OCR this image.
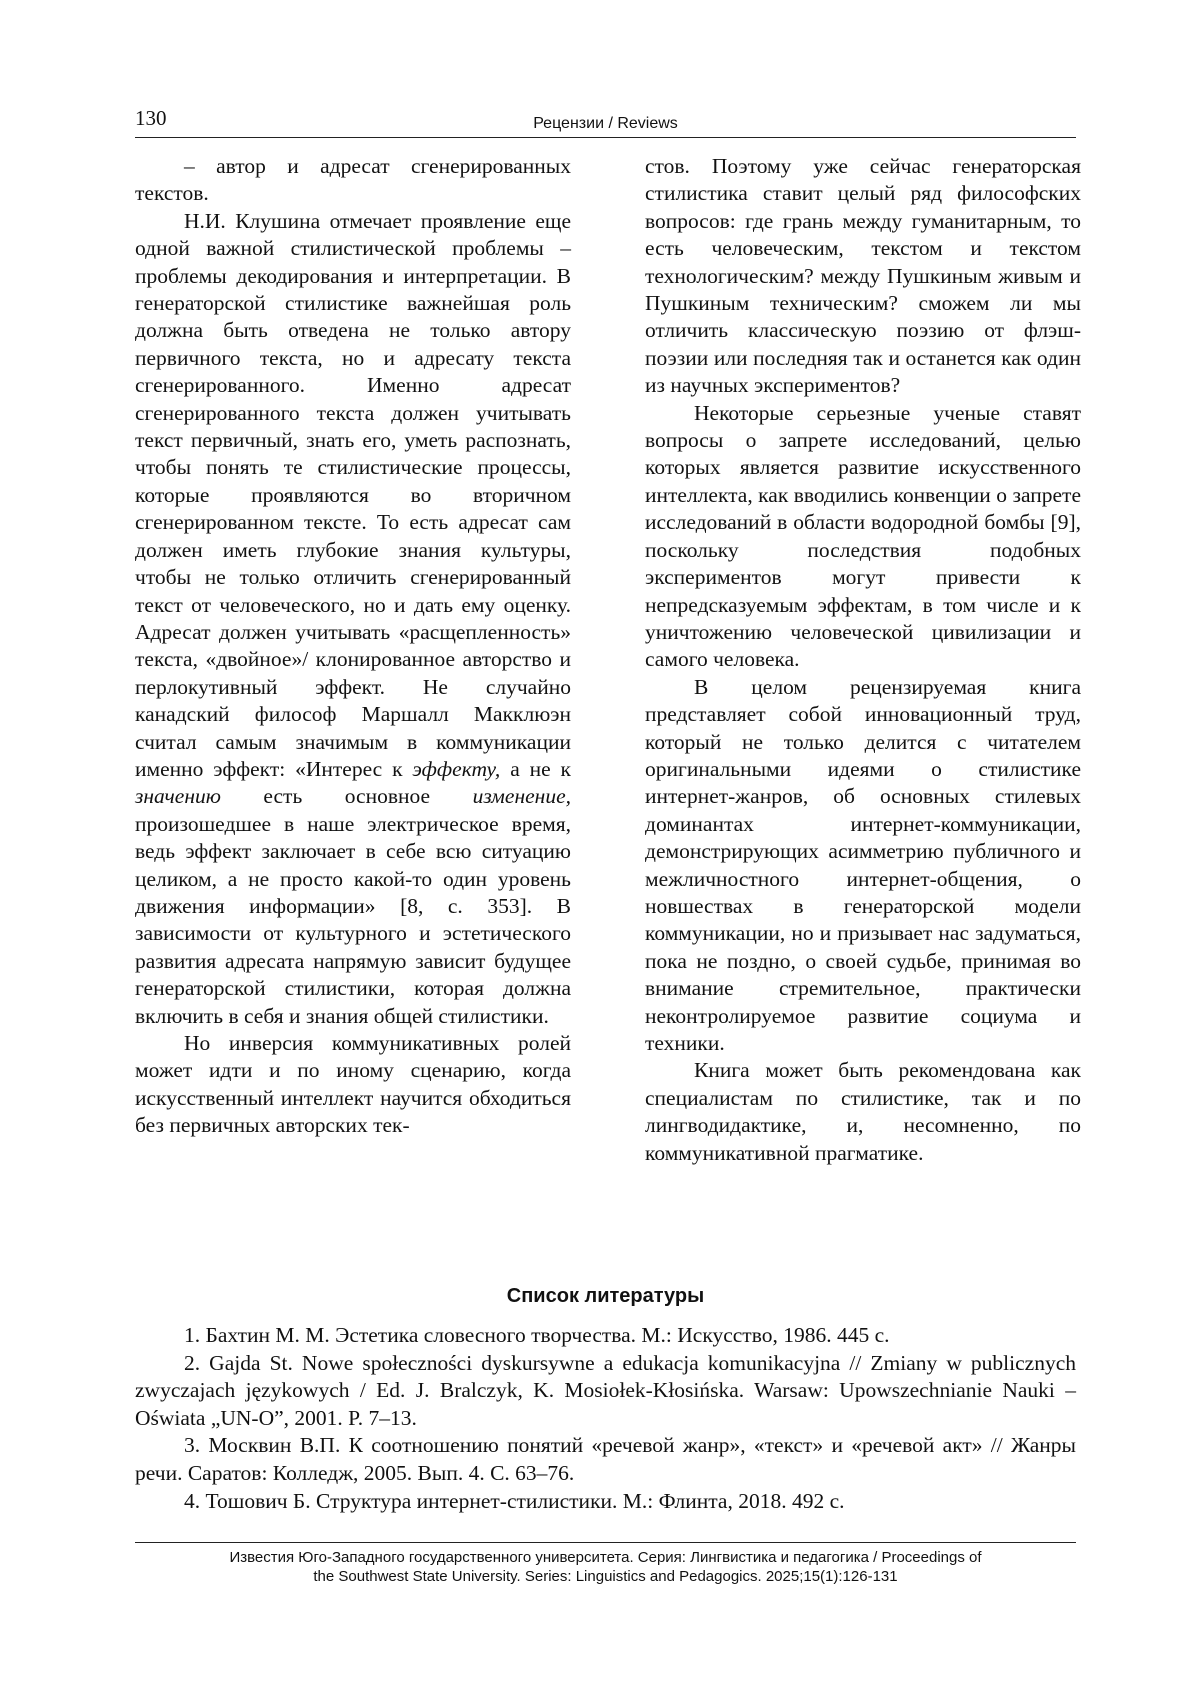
130	Рецензии / Reviews

– автор и адресат сгенерированных текстов.

Н.И. Клушина отмечает проявление еще одной важной стилистической проблемы – проблемы декодирования и интерпретации. В генераторской стилистике важнейшая роль должна быть отведена не только автору первичного текста, но и адресату текста сгенерированного. Именно адресат сгенерированного текста должен учитывать текст первичный, знать его, уметь распознать, чтобы понять те стилистические процессы, которые проявляются во вторичном сгенерированном тексте. То есть адресат сам должен иметь глубокие знания культуры, чтобы не только отличить сгенерированный текст от человеческого, но и дать ему оценку. Адресат должен учитывать «расщепленность» текста, «двойное»/ клонированное авторство и перлокутивный эффект. Не случайно канадский философ Маршалл Макклюэн считал самым значимым в коммуникации именно эффект: «Интерес к эффекту, а не к значению есть основное изменение, произошедшее в наше электрическое время, ведь эффект заключает в себе всю ситуацию целиком, а не просто какой-то один уровень движения информации» [8, с. 353]. В зависимости от культурного и эстетического развития адресата напрямую зависит будущее генераторской стилистики, которая должна включить в себя и знания общей стилистики.

Но инверсия коммуникативных ролей может идти и по иному сценарию, когда искусственный интеллект научится обходиться без первичных авторских тек-

стов. Поэтому уже сейчас генераторская стилистика ставит целый ряд философских вопросов: где грань между гуманитарным, то есть человеческим, текстом и текстом технологическим? между Пушкиным живым и Пушкиным техническим? сможем ли мы отличить классическую поэзию от флэш-поэзии или последняя так и останется как один из научных экспериментов?

Некоторые серьезные ученые ставят вопросы о запрете исследований, целью которых является развитие искусственного интеллекта, как вводились конвенции о запрете исследований в области водородной бомбы [9], поскольку последствия подобных экспериментов могут привести к непредсказуемым эффектам, в том числе и к уничтожению человеческой цивилизации и самого человека.

В целом рецензируемая книга представляет собой инновационный труд, который не только делится с читателем оригинальными идеями о стилистике интернет-жанров, об основных стилевых доминантах интернет-коммуникации, демонстрирующих асимметрию публичного и межличностного интернет-общения, о новшествах в генераторской модели коммуникации, но и призывает нас задуматься, пока не поздно, о своей судьбе, принимая во внимание стремительное, практически неконтролируемое развитие социума и техники.

Книга может быть рекомендована как специалистам по стилистике, так и по лингводидактике, и, несомненно, по коммуникативной прагматике.

Список литературы

1. Бахтин М. М. Эстетика словесного творчества. М.: Искусство, 1986. 445 с.

2. Gajda St. Nowe społeczności dyskursywne a edukacja komunikacyjna // Zmiany w publicznych zwyczajach językowych / Ed. J. Bralczyk, K. Mosiołek-Kłosińska. Warsaw: Upowszechnianie Nauki – Oświata „UN-O”, 2001. P. 7–13.

3. Москвин В.П. К соотношению понятий «речевой жанр», «текст» и «речевой акт» // Жанры речи. Саратов: Колледж, 2005. Вып. 4. С. 63–76.

4. Тошович Б. Структура интернет-стилистики. М.: Флинта, 2018. 492 с.

Известия Юго-Западного государственного университета. Серия: Лингвистика и педагогика / Proceedings of
the Southwest State University. Series: Linguistics and Pedagogics. 2025;15(1):126-131
